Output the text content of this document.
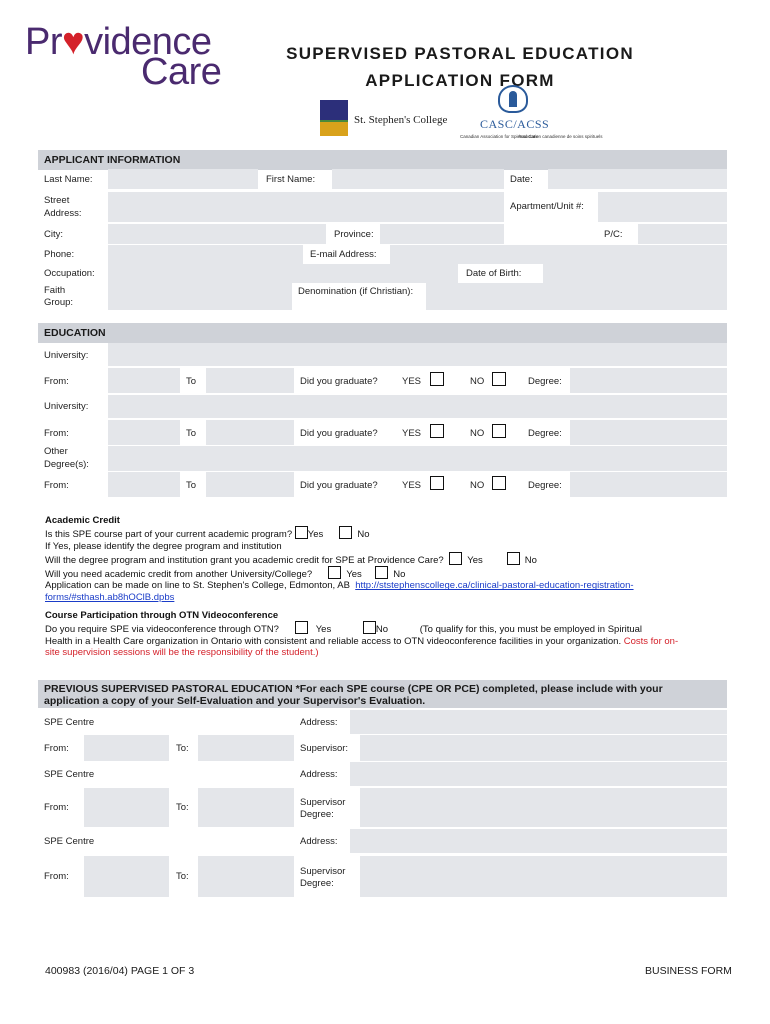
Pr♥vidence
Care	SUPERVISED PASTORAL EDUCATION
APPLICATION FORM
St. Stephen's College	CASC/ACSS
Canadian Association for Spiritual Care
Association canadienne de soins spirituels
APPLICANT INFORMATION
Last Name:	First Name:	Date:
Street
Address:
Apartment/Unit #:
City:	Province:	P/C:
Phone:	E-mail Address:
Occupation:	Date of Birth:
Faith
Group:
Denomination (if Christian):
EDUCATION
University:
From:	To	Did you graduate?	YES	NO	Degree:
University:
From:	To	Did you graduate?	YES	NO	Degree:
Other
Degree(s):
From:	To	Did you graduate?	YES	NO	Degree:
Academic Credit
Is this SPE course part of your current academic program? Yes	No
If Yes, please identify the degree program and institution
Will the degree program and institution grant you academic credit for SPE at Providence Care? Yes	No
Will you need academic credit from another University/College?	Yes	No
Application can be made on line to St. Stephen's College, Edmonton, AB http://ststephenscollege.ca/clinical-pastoral-education-registration-
forms/#sthash.ab8hOClB.dpbs
Course Participation through OTN Videoconference
Do you require SPE via videoconference through OTN?	Yes	No	(To qualify for this, you must be employed in Spiritual
Health in a Health Care organization in Ontario with consistent and reliable access to OTN videoconference facilities in your organization. Costs for on-
site supervision sessions will be the responsibility of the student.)
PREVIOUS SUPERVISED PASTORAL EDUCATION *For each SPE course (CPE OR PCE) completed, please include with your
application a copy of your Self-Evaluation and your Supervisor's Evaluation.
SPE Centre	Address:
From:	To:	Supervisor:
SPE Centre	Address:
From:	To:	Supervisor
Degree:
SPE Centre	Address:
From:	To:	Supervisor
Degree:
400983 (2016/04) PAGE 1 OF 3	BUSINESS FORM
